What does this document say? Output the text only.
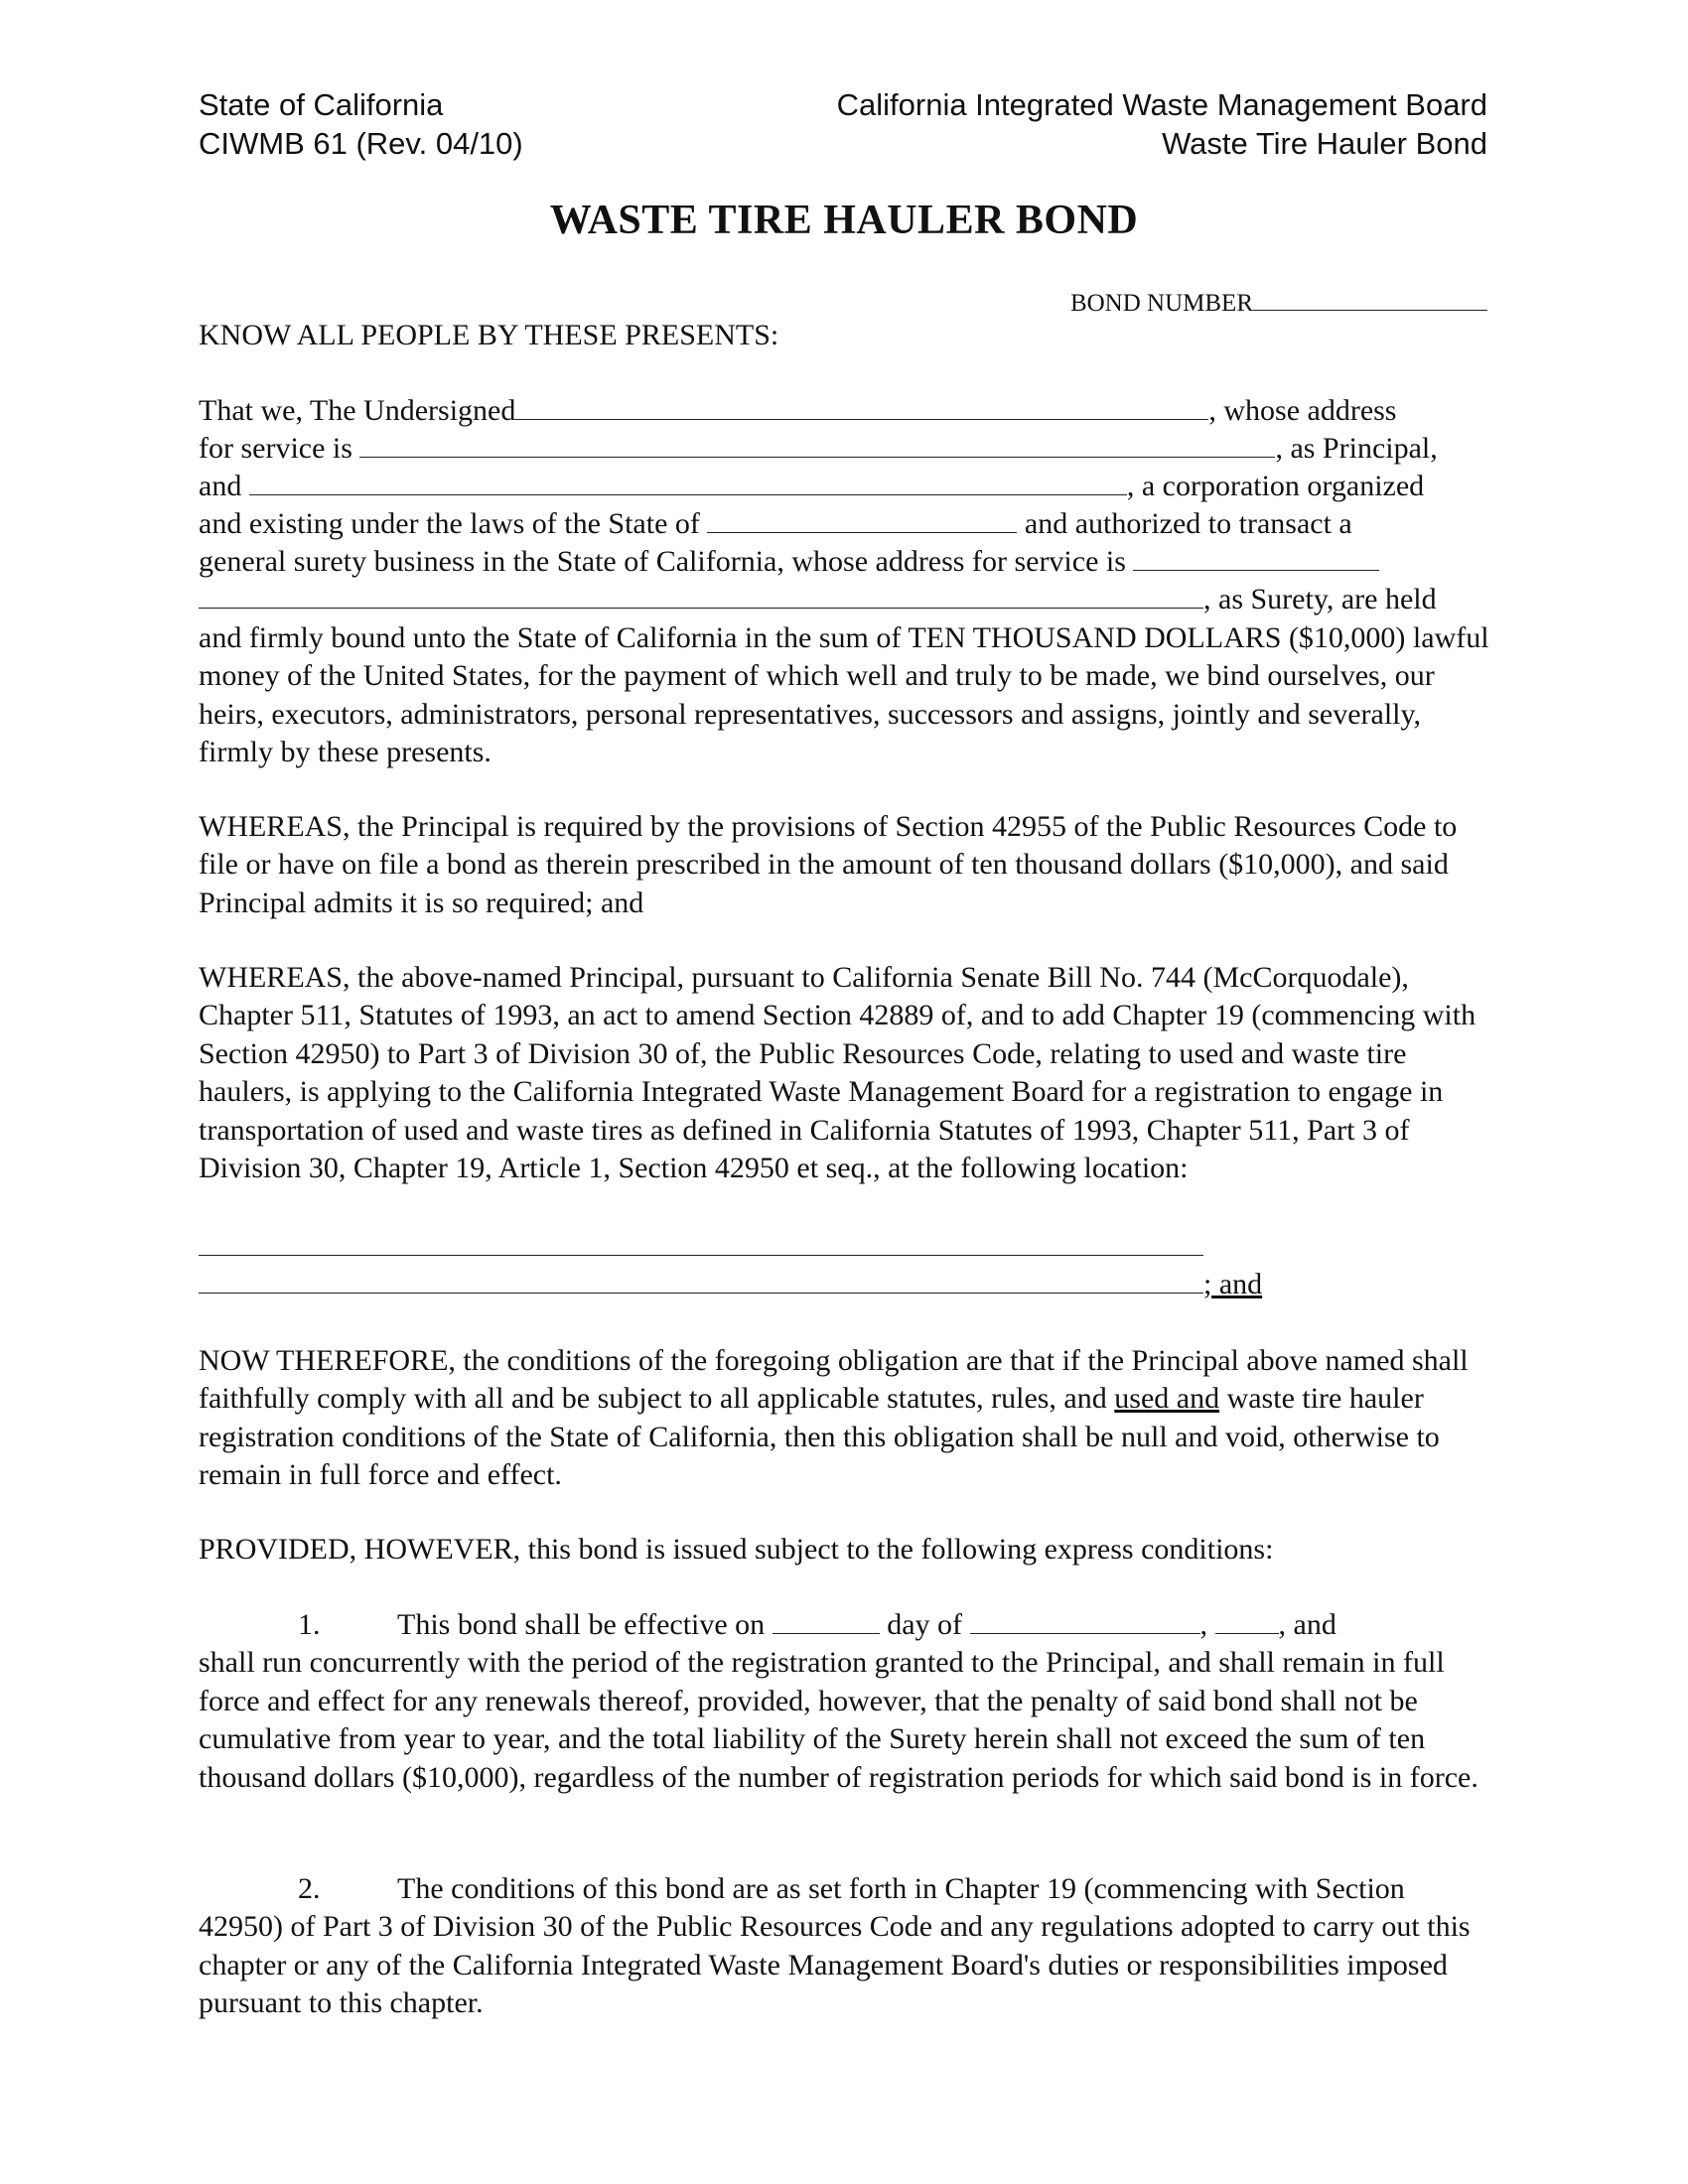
State of California
CIWMB 61 (Rev. 04/10)
California Integrated Waste Management Board
Waste Tire Hauler Bond
WASTE TIRE HAULER BOND
BOND NUMBER
KNOW ALL PEOPLE BY THESE PRESENTS:
That we, The Undersigned	, whose address
for service is	, as Principal,
and	, a corporation organized
and existing under the laws of the State of	and authorized to transact a
general surety business in the State of California, whose address for service is
, as Surety, are held
and firmly bound unto the State of California in the sum of TEN THOUSAND DOLLARS ($10,000) lawful money of the United States, for the payment of which well and truly to be made, we bind ourselves, our heirs, executors, administrators, personal representatives, successors and assigns, jointly and severally, firmly by these presents.
WHEREAS, the Principal is required by the provisions of Section 42955 of the Public Resources Code to file or have on file a bond as therein prescribed in the amount of ten thousand dollars ($10,000), and said Principal admits it is so required; and
WHEREAS, the above-named Principal, pursuant to California Senate Bill No. 744 (McCorquodale), Chapter 511, Statutes of 1993, an act to amend Section 42889 of, and to add Chapter 19 (commencing with Section 42950) to Part 3 of Division 30 of, the Public Resources Code, relating to used and waste tire haulers, is applying to the California Integrated Waste Management Board for a registration to engage in transportation of used and waste tires as defined in California Statutes of 1993, Chapter 511, Part 3 of Division 30, Chapter 19, Article 1, Section 42950 et seq., at the following location:
; and
NOW THEREFORE, the conditions of the foregoing obligation are that if the Principal above named shall faithfully comply with all and be subject to all applicable statutes, rules, and used and waste tire hauler registration conditions of the State of California, then this obligation shall be null and void, otherwise to remain in full force and effect.
PROVIDED, HOWEVER, this bond is issued subject to the following express conditions:
1.	This bond shall be effective on	day of	, , and
shall run concurrently with the period of the registration granted to the Principal, and shall remain in full force and effect for any renewals thereof, provided, however, that the penalty of said bond shall not be cumulative from year to year, and the total liability of the Surety herein shall not exceed the sum of ten thousand dollars ($10,000), regardless of the number of registration periods for which said bond is in force.
2.	The conditions of this bond are as set forth in Chapter 19 (commencing with Section 42950) of Part 3 of Division 30 of the Public Resources Code and any regulations adopted to carry out this chapter or any of the California Integrated Waste Management Board's duties or responsibilities imposed pursuant to this chapter.
